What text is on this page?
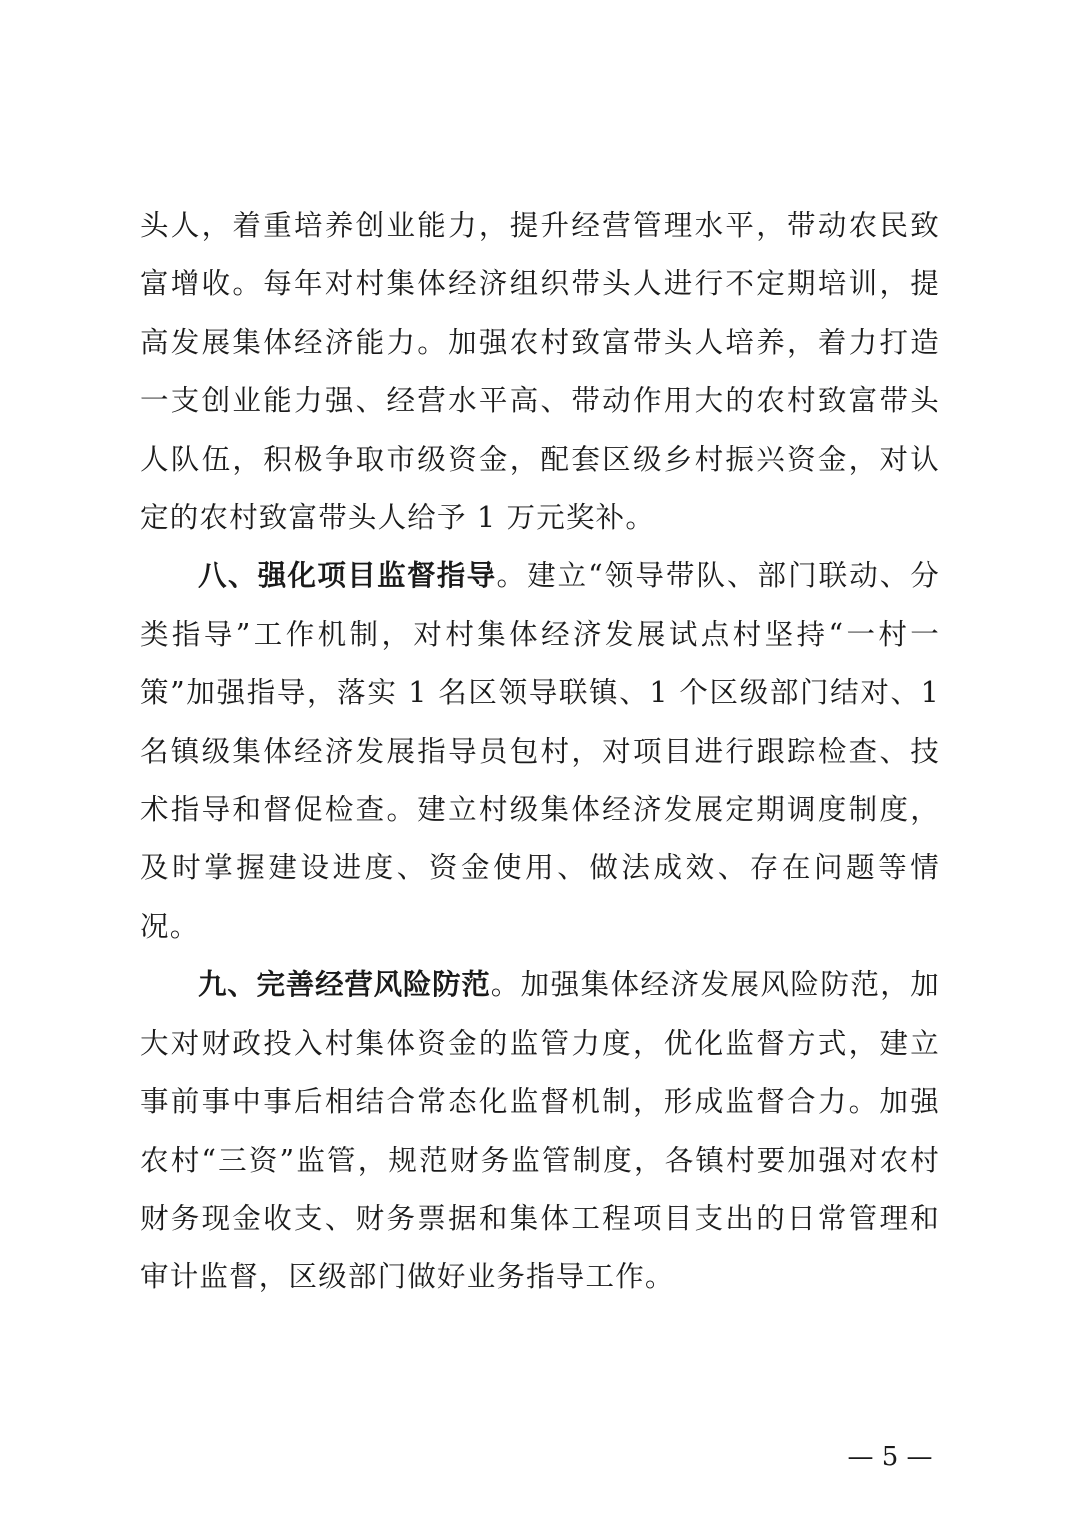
头人，着重培养创业能力，提升经营管理水平，带动农民致富增收。每年对村集体经济组织带头人进行不定期培训，提高发展集体经济能力。加强农村致富带头人培养，着力打造一支创业能力强、经营水平高、带动作用大的农村致富带头人队伍，积极争取市级资金，配套区级乡村振兴资金，对认定的农村致富带头人给予 1 万元奖补。

八、强化项目监督指导。建立“领导带队、部门联动、分类指导”工作机制，对村集体经济发展试点村坚持“一村一策”加强指导，落实 1 名区领导联镇、1 个区级部门结对、1 名镇级集体经济发展指导员包村，对项目进行跟踪检查、技术指导和督促检查。建立村级集体经济发展定期调度制度，及时掌握建设进度、资金使用、做法成效、存在问题等情况。

九、完善经营风险防范。加强集体经济发展风险防范，加大对财政投入村集体资金的监管力度，优化监督方式，建立事前事中事后相结合常态化监督机制，形成监督合力。加强农村“三资”监管，规范财务监管制度，各镇村要加强对农村财务现金收支、财务票据和集体工程项目支出的日常管理和审计监督，区级部门做好业务指导工作。

— 5 —
